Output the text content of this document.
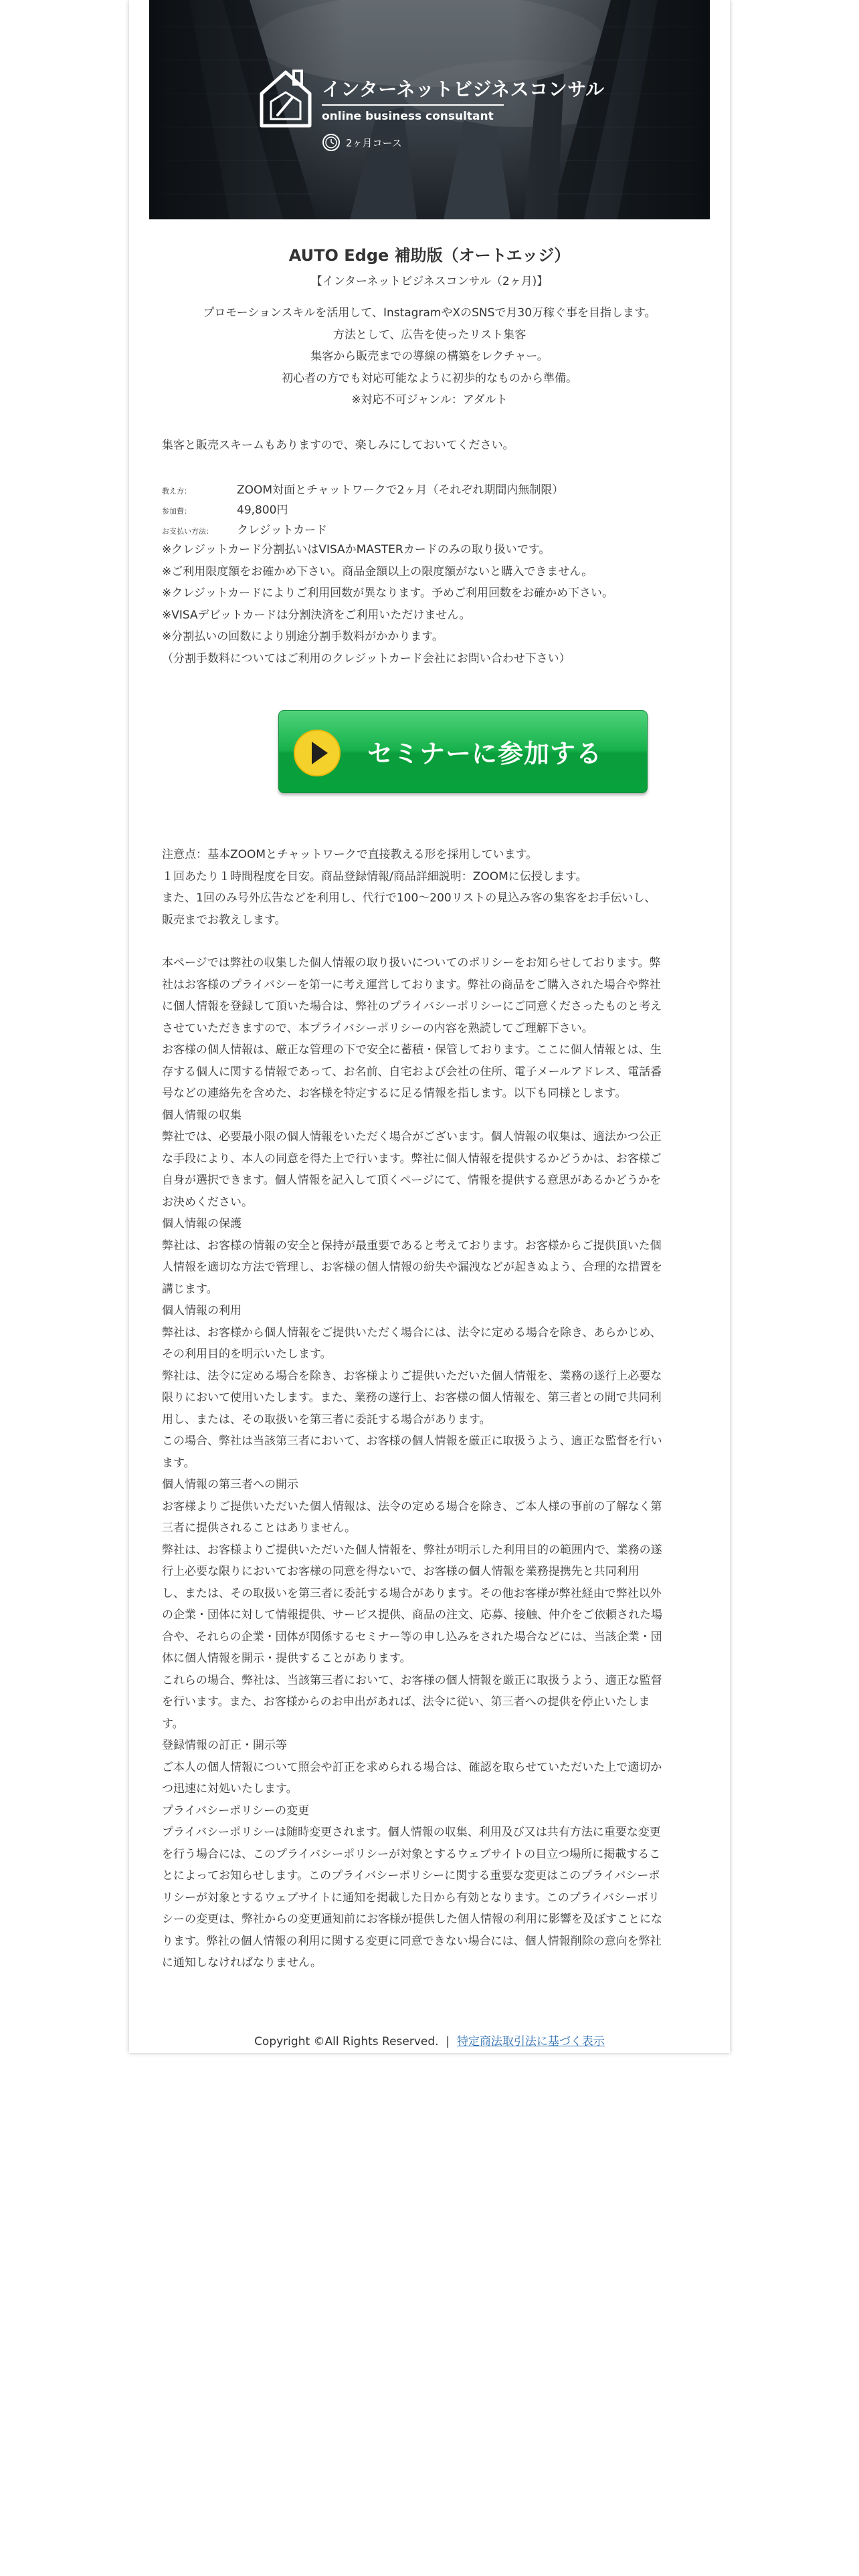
インターネットビジネスコンサル
online business consultant
2ヶ月コース
AUTO Edge 補助版（オートエッジ）
【インターネットビジネスコンサル（2ヶ月)】
プロモーションスキルを活用して、InstagramやXのSNSで月30万稼ぐ事を目指します。
方法として、広告を使ったリスト集客
集客から販売までの導線の構築をレクチャー。
初心者の方でも対応可能なように初歩的なものから準備。
※対応不可ジャンル：アダルト
集客と販売スキームもありますので、楽しみにしておいてください。
教え方：	ZOOM対面とチャットワークで2ヶ月（それぞれ期間内無制限）
参加費：	49,800円
お支払い方法： クレジットカード
※クレジットカード分割払いはVISAかMASTERカードのみの取り扱いです。
※ご利用限度額をお確かめ下さい。商品金額以上の限度額がないと購入できません。
※クレジットカードによりご利用回数が異なります。予めご利用回数をお確かめ下さい。
※VISAデビットカードは分割決済をご利用いただけません。
※分割払いの回数により別途分割手数料がかかります。
（分割手数料についてはご利用のクレジットカード会社にお問い合わせ下さい）
セミナーに参加する
注意点：基本ZOOMとチャットワークで直接教える形を採用しています。
１回あたり１時間程度を目安。商品登録情報/商品詳細説明：ZOOMに伝授します。
また、1回のみ号外広告などを利用し、代行で100〜200リストの見込み客の集客をお手伝いし、
販売までお教えします。
本ページでは弊社の収集した個人情報の取り扱いについてのポリシーをお知らせしております。弊
社はお客様のプライバシーを第一に考え運営しております。弊社の商品をご購入された場合や弊社
に個人情報を登録して頂いた場合は、弊社のプライバシーポリシーにご同意くださったものと考え
させていただきますので、本プライバシーポリシーの内容を熟読してご理解下さい。
お客様の個人情報は、厳正な管理の下で安全に蓄積・保管しております。ここに個人情報とは、生
存する個人に関する情報であって、お名前、自宅および会社の住所、電子メールアドレス、電話番
号などの連絡先を含めた、お客様を特定するに足る情報を指します。以下も同様とします。
個人情報の収集
弊社では、必要最小限の個人情報をいただく場合がございます。個人情報の収集は、適法かつ公正
な手段により、本人の同意を得た上で行います。弊社に個人情報を提供するかどうかは、お客様ご
自身が選択できます。個人情報を記入して頂くページにて、情報を提供する意思があるかどうかを
お決めください。
個人情報の保護
弊社は、お客様の情報の安全と保持が最重要であると考えております。お客様からご提供頂いた個
人情報を適切な方法で管理し、お客様の個人情報の紛失や漏洩などが起きぬよう、合理的な措置を
講じます。
個人情報の利用
弊社は、お客様から個人情報をご提供いただく場合には、法令に定める場合を除き、あらかじめ、
その利用目的を明示いたします。
弊社は、法令に定める場合を除き、お客様よりご提供いただいた個人情報を、業務の遂行上必要な
限りにおいて使用いたします。また、業務の遂行上、お客様の個人情報を、第三者との間で共同利
用し、または、その取扱いを第三者に委託する場合があります。
この場合、弊社は当該第三者において、お客様の個人情報を厳正に取扱うよう、適正な監督を行い
ます。
個人情報の第三者への開示
お客様よりご提供いただいた個人情報は、法令の定める場合を除き、ご本人様の事前の了解なく第
三者に提供されることはありません。
弊社は、お客様よりご提供いただいた個人情報を、弊社が明示した利用目的の範囲内で、業務の遂
行上必要な限りにおいてお客様の同意を得ないで、お客様の個人情報を業務提携先と共同利用
し、または、その取扱いを第三者に委託する場合があります。その他お客様が弊社経由で弊社以外
の企業・団体に対して情報提供、サービス提供、商品の注文、応募、接触、仲介をご依頼された場
合や、それらの企業・団体が関係するセミナー等の申し込みをされた場合などには、当該企業・団
体に個人情報を開示・提供することがあります。
これらの場合、弊社は、当該第三者において、お客様の個人情報を厳正に取扱うよう、適正な監督
を行います。また、お客様からのお申出があれば、法令に従い、第三者への提供を停止いたしま
す。
登録情報の訂正・開示等
ご本人の個人情報について照会や訂正を求められる場合は、確認を取らせていただいた上で適切か
つ迅速に対処いたします。
プライバシーポリシーの変更
プライバシーポリシーは随時変更されます。個人情報の収集、利用及び又は共有方法に重要な変更
を行う場合には、このプライバシーポリシーが対象とするウェブサイトの目立つ場所に掲載するこ
とによってお知らせします。このプライバシーポリシーに関する重要な変更はこのプライバシーポ
リシーが対象とするウェブサイトに通知を掲載した日から有効となります。このプライバシーポリ
シーの変更は、弊社からの変更通知前にお客様が提供した個人情報の利用に影響を及ぼすことにな
ります。弊社の個人情報の利用に関する変更に同意できない場合には、個人情報削除の意向を弊社
に通知しなければなりません。
Copyright ©All Rights Reserved. | 特定商法取引法に基づく表示
